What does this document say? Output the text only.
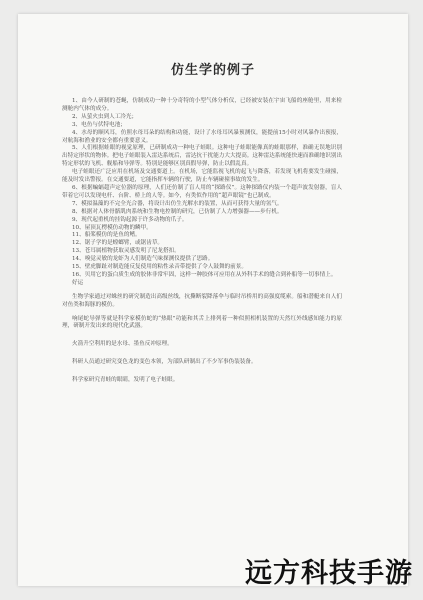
仿生学的例子

1、由今人研制的苍蝇，仿制成功一种十分奇特的小型气体分析仪，已经被安装在宇宙飞船的座舱里，用来检测舱内气体的成分。

2、从萤火虫到人工冷光；

3、电鱼与伏特电池；

4、水母的顺风耳，仿照水母耳朵的结构和功能，设计了水母耳风暴预测仪，能提前15小时对风暴作出预报，对航海和渔业的安全都有重要意义。

5、人们根据蛙眼的视觉原理，已研制成功一种电子蛙眼。这种电子蛙眼能像真的蛙眼那样，准确无误地识别出特定形状的物体。把电子蛙眼装入雷达系统后，雷达抗干扰能力大大提高。这种雷达系统能快速而准确地识别出特定形状的飞机、舰船和导弹等。特别是能够区别真假导弹，防止以假乱真。

电子蛙眼还广泛应用在机场及交通要道上。在机场，它能监视飞机的起飞与降落，若发现飞机将要发生碰撞，能及时发出警报。在交通要道，它能指挥车辆的行驶，防止车辆碰撞事故的发生。

6、根据蝙蝠超声定位器的原理，人们还仿制了盲人用的“探路仪”。这种探路仪内装一个超声波发射器，盲人带着它可以发现电杆、台阶、桥上的人等。如今，有类似作用的“超声眼镜”也已制成。

7、模拟温藻的不完全光合器，将设计出仿生光解水的装置，从而可获得大量的氢气。

8、根据对人体骨骼肌肉系统和生物电控制的研究，已仿制了人力增强器——步行机。

9、现代起重机的挂钩起源于许多动物的爪子。

10、屋顶瓦楞模仿动物的鳞甲。

11、船桨模仿的是鱼的鳍。

12、锯子学的是螳螂臂，或锯齿草。

13、苍耳属植物获取灵感发明了尼龙搭扣。

14、嗅觉灵敏的龙虾为人们制造气味探测仪提供了思路。

15、壁虎脚趾对制造能反复使用的粘性录音带提供了令人鼓舞的前景。

16、贝用它的蛋白质生成的胶体非常牢固，这样一种胶体可应用在从外科手术的缝合到补船等一切事情上。

好运

生物学家通过对蛛丝的研究制造出高级丝线，抗撕断裂降落伞与临时吊桥用的高强度缆索。船和潜艇来自人们对鱼类和海豚的模仿。

响尾蛇导弹等就是科学家模仿蛇的“热眼”功能和其舌上排列着一种似照相机装置的天然红外线感知能力的原理，研制开发出来的现代化武器。

火箭升空利用的是水母、墨鱼反冲原理。

科研人员通过研究变色龙的变色本领，为部队研制出了不少军事伪装装备。

科学家研究青蛙的眼睛，发明了电子蛙眼。

远方科技手游
